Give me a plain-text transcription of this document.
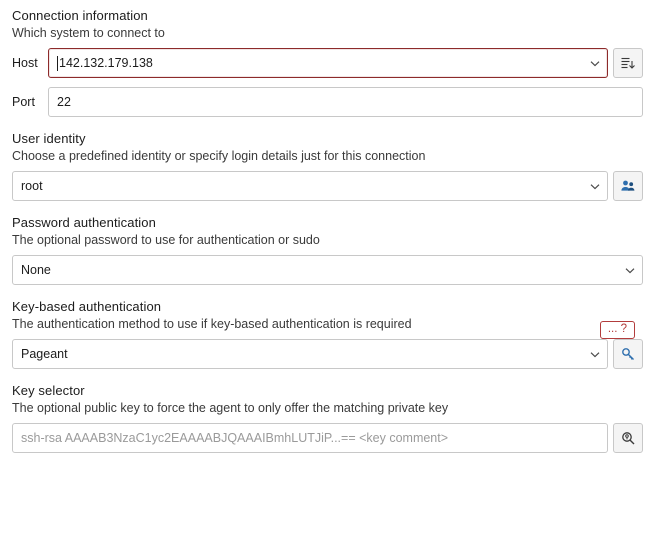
Connection information
Which system to connect to
Host	142.132.179.138
Port	22
User identity
Choose a predefined identity or specify login details just for this connection
root
Password authentication
The optional password to use for authentication or sudo
None
Key-based authentication
The authentication method to use if key-based authentication is required	... ?
Pageant
Key selector
The optional public key to force the agent to only offer the matching private key
ssh-rsa AAAAB3NzaC1yc2EAAAABJQAAAIBmhLUTJiP...== <key comment>
